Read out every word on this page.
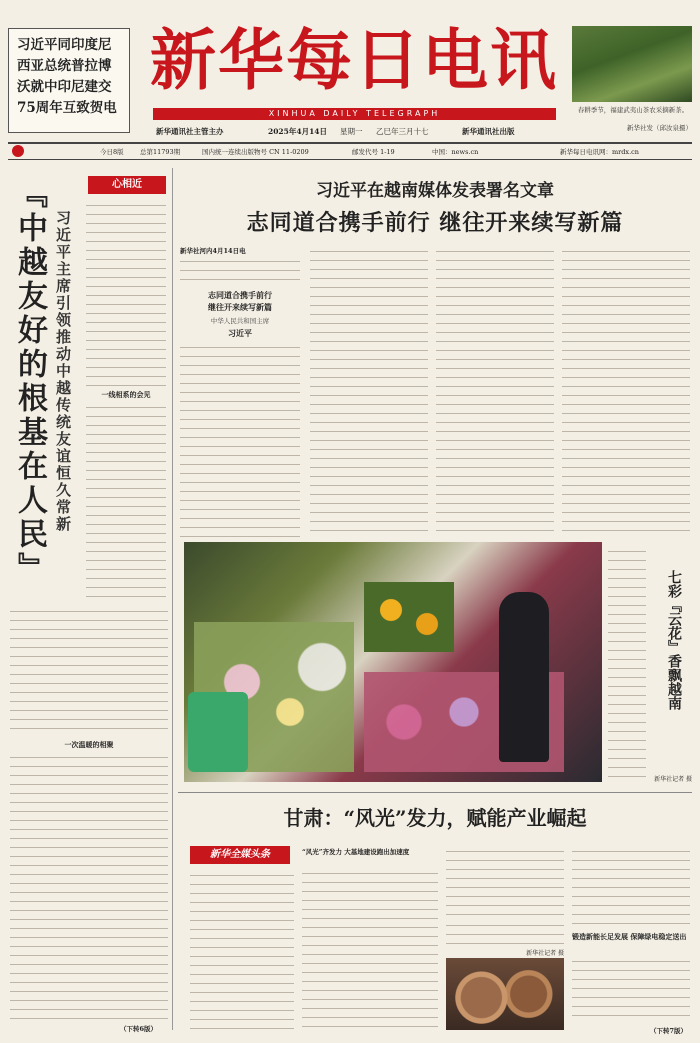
习近平同印度尼西亚总统普拉博沃就中印尼建交75周年互致贺电
新华每日电讯
XINHUA DAILY TELEGRAPH	春耕季节，福建武夷山茶农采摘新茶。
新华社发（邱汝泉摄）
新华通讯社主管主办	2025年4月14日 星期一 乙巳年三月十七	新华通讯社出版
今日8版	总第11793期	国内统一连续出版物号 CN 11-0209	邮发代号 1-19	中国：news.cn	新华每日电讯网：mrdx.cn
心相近
『中越友好的根基在人民』 习近平主席引领推动中越传统友谊恒久常新	一线相系的会见
一次温暖的相聚
（下转6版）
习近平在越南媒体发表署名文章
志同道合携手前行 继往开来续写新篇
新华社河内4月14日电
志同道合携手前行
继往开来续写新篇
中华人民共和国主席
习近平
七彩『云花』香飘越南
新华社记者 摄
甘肃：“风光”发力，赋能产业崛起
新华全媒头条	“风光”齐发力 大基地建设跑出加速度
新华社记者 摄
锻造新能长足发展 保障绿电稳定送出
（下转7版）
